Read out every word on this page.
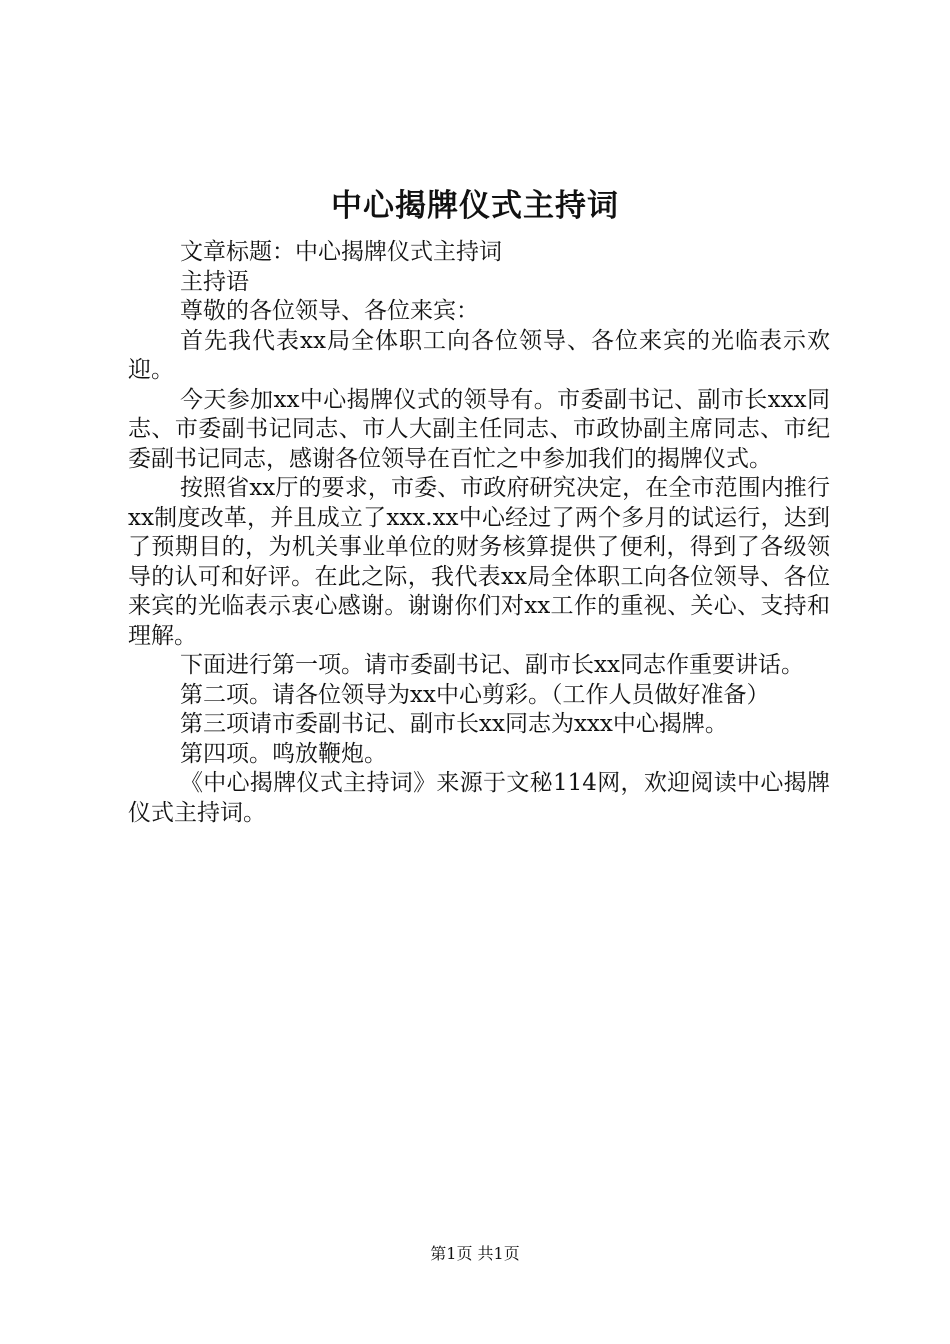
中心揭牌仪式主持词

文章标题：中心揭牌仪式主持词

主持语

尊敬的各位领导、各位来宾：

首先我代表xx局全体职工向各位领导、各位来宾的光临表示欢迎。

今天参加xx中心揭牌仪式的领导有。市委副书记、副市长xxx同志、市委副书记同志、市人大副主任同志、市政协副主席同志、市纪委副书记同志，感谢各位领导在百忙之中参加我们的揭牌仪式。

按照省xx厅的要求，市委、市政府研究决定，在全市范围内推行xx制度改革，并且成立了xxx.xx中心经过了两个多月的试运行，达到了预期目的，为机关事业单位的财务核算提供了便利，得到了各级领导的认可和好评。在此之际，我代表xx局全体职工向各位领导、各位来宾的光临表示衷心感谢。谢谢你们对xx工作的重视、关心、支持和理解。

下面进行第一项。请市委副书记、副市长xx同志作重要讲话。

第二项。请各位领导为xx中心剪彩。（工作人员做好准备）

第三项请市委副书记、副市长xx同志为xxx中心揭牌。

第四项。鸣放鞭炮。

《中心揭牌仪式主持词》来源于文秘114网，欢迎阅读中心揭牌仪式主持词。

第1页 共1页
